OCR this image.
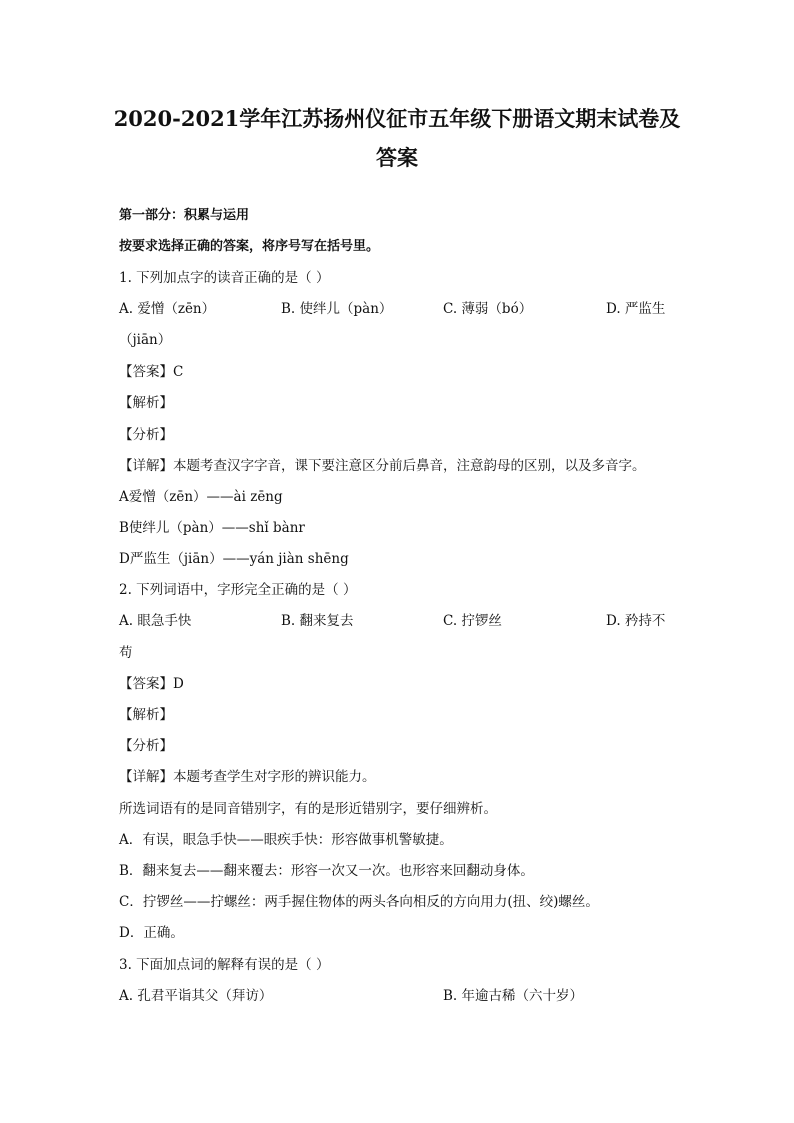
2020-2021学年江苏扬州仪征市五年级下册语文期末试卷及
答案
第一部分：积累与运用
按要求选择正确的答案，将序号写在括号里。
1. 下列加点字的读音正确的是（ ）
A. 爱憎（zēn）	B. 使绊儿（pàn）	C. 薄弱（bó）	D. 严监生
（jiān）
【答案】C
【解析】
【分析】
【详解】本题考查汉字字音，课下要注意区分前后鼻音，注意韵母的区别，以及多音字。
A爱憎（zēn）——ài zēng
B使绊儿（pàn）——shǐ bànr
D严监生（jiān）——yán jiàn shēng
2. 下列词语中，字形完全正确的是（ ）
A. 眼急手快	B. 翻来复去	C. 拧锣丝	D. 矜持不
苟
【答案】D
【解析】
【分析】
【详解】本题考查学生对字形的辨识能力。
所选词语有的是同音错别字，有的是形近错别字，要仔细辨析。
A．有误，眼急手快——眼疾手快：形容做事机警敏捷。
B．翻来复去——翻来覆去：形容一次又一次。也形容来回翻动身体。
C．拧锣丝——拧螺丝：两手握住物体的两头各向相反的方向用力(扭、绞)螺丝。
D．正确。
3. 下面加点词的解释有误的是（ ）
A. 孔君平诣其父（拜访）	B. 年逾古稀（六十岁）
